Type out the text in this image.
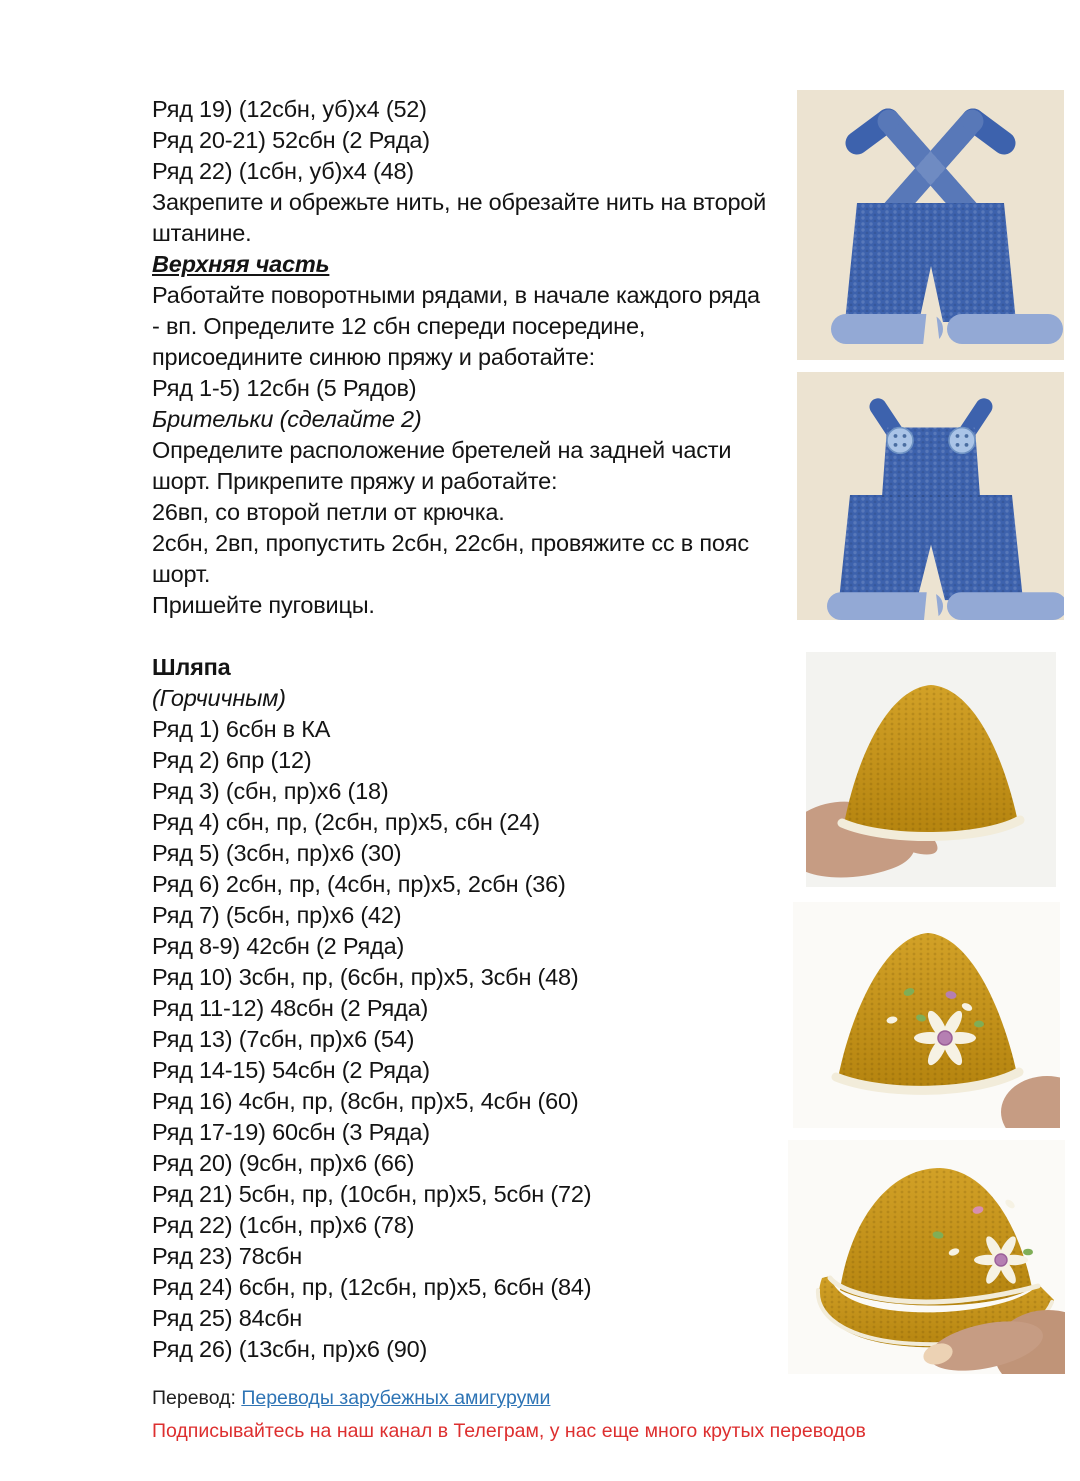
Ряд 19) (12сбн, уб)х4 (52)
Ряд 20-21) 52сбн (2 Ряда)
Ряд 22) (1сбн, уб)х4 (48)
Закрепите и обрежьте нить, не обрезайте нить на второй
штанине.
Верхняя часть
Работайте поворотными рядами, в начале каждого ряда
- вп. Определите 12 сбн спереди посередине,
присоедините синюю пряжу и работайте:
Ряд 1-5) 12сбн (5 Рядов)
Брительки (сделайте 2)
Определите расположение бретелей на задней части
шорт. Прикрепите пряжу и работайте:
26вп, со второй петли от крючка.
2сбн, 2вп, пропустить 2сбн, 22сбн, провяжите сс в пояс
шорт.
Пришейте пуговицы.

Шляпа
(Горчичным)
Ряд 1) 6сбн в КА
Ряд 2) 6пр (12)
Ряд 3) (сбн, пр)х6 (18)
Ряд 4) сбн, пр, (2сбн, пр)х5, сбн (24)
Ряд 5) (3сбн, пр)х6 (30)
Ряд 6) 2сбн, пр, (4сбн, пр)х5, 2сбн (36)
Ряд 7) (5сбн, пр)х6 (42)
Ряд 8-9) 42сбн (2 Ряда)
Ряд 10) 3сбн, пр, (6сбн, пр)х5, 3сбн (48)
Ряд 11-12) 48сбн (2 Ряда)
Ряд 13) (7сбн, пр)х6 (54)
Ряд 14-15) 54сбн (2 Ряда)
Ряд 16) 4сбн, пр, (8сбн, пр)х5, 4сбн (60)
Ряд 17-19) 60сбн (3 Ряда)
Ряд 20) (9сбн, пр)х6 (66)
Ряд 21) 5сбн, пр, (10сбн, пр)х5, 5сбн (72)
Ряд 22) (1сбн, пр)х6 (78)
Ряд 23) 78сбн
Ряд 24) 6сбн, пр, (12сбн, пр)х5, 6сбн (84)
Ряд 25) 84сбн
Ряд 26) (13сбн, пр)х6 (90)

Перевод: Переводы зарубежных амигуруми

Подписывайтесь на наш канал в Телеграм, у нас еще много крутых переводов
